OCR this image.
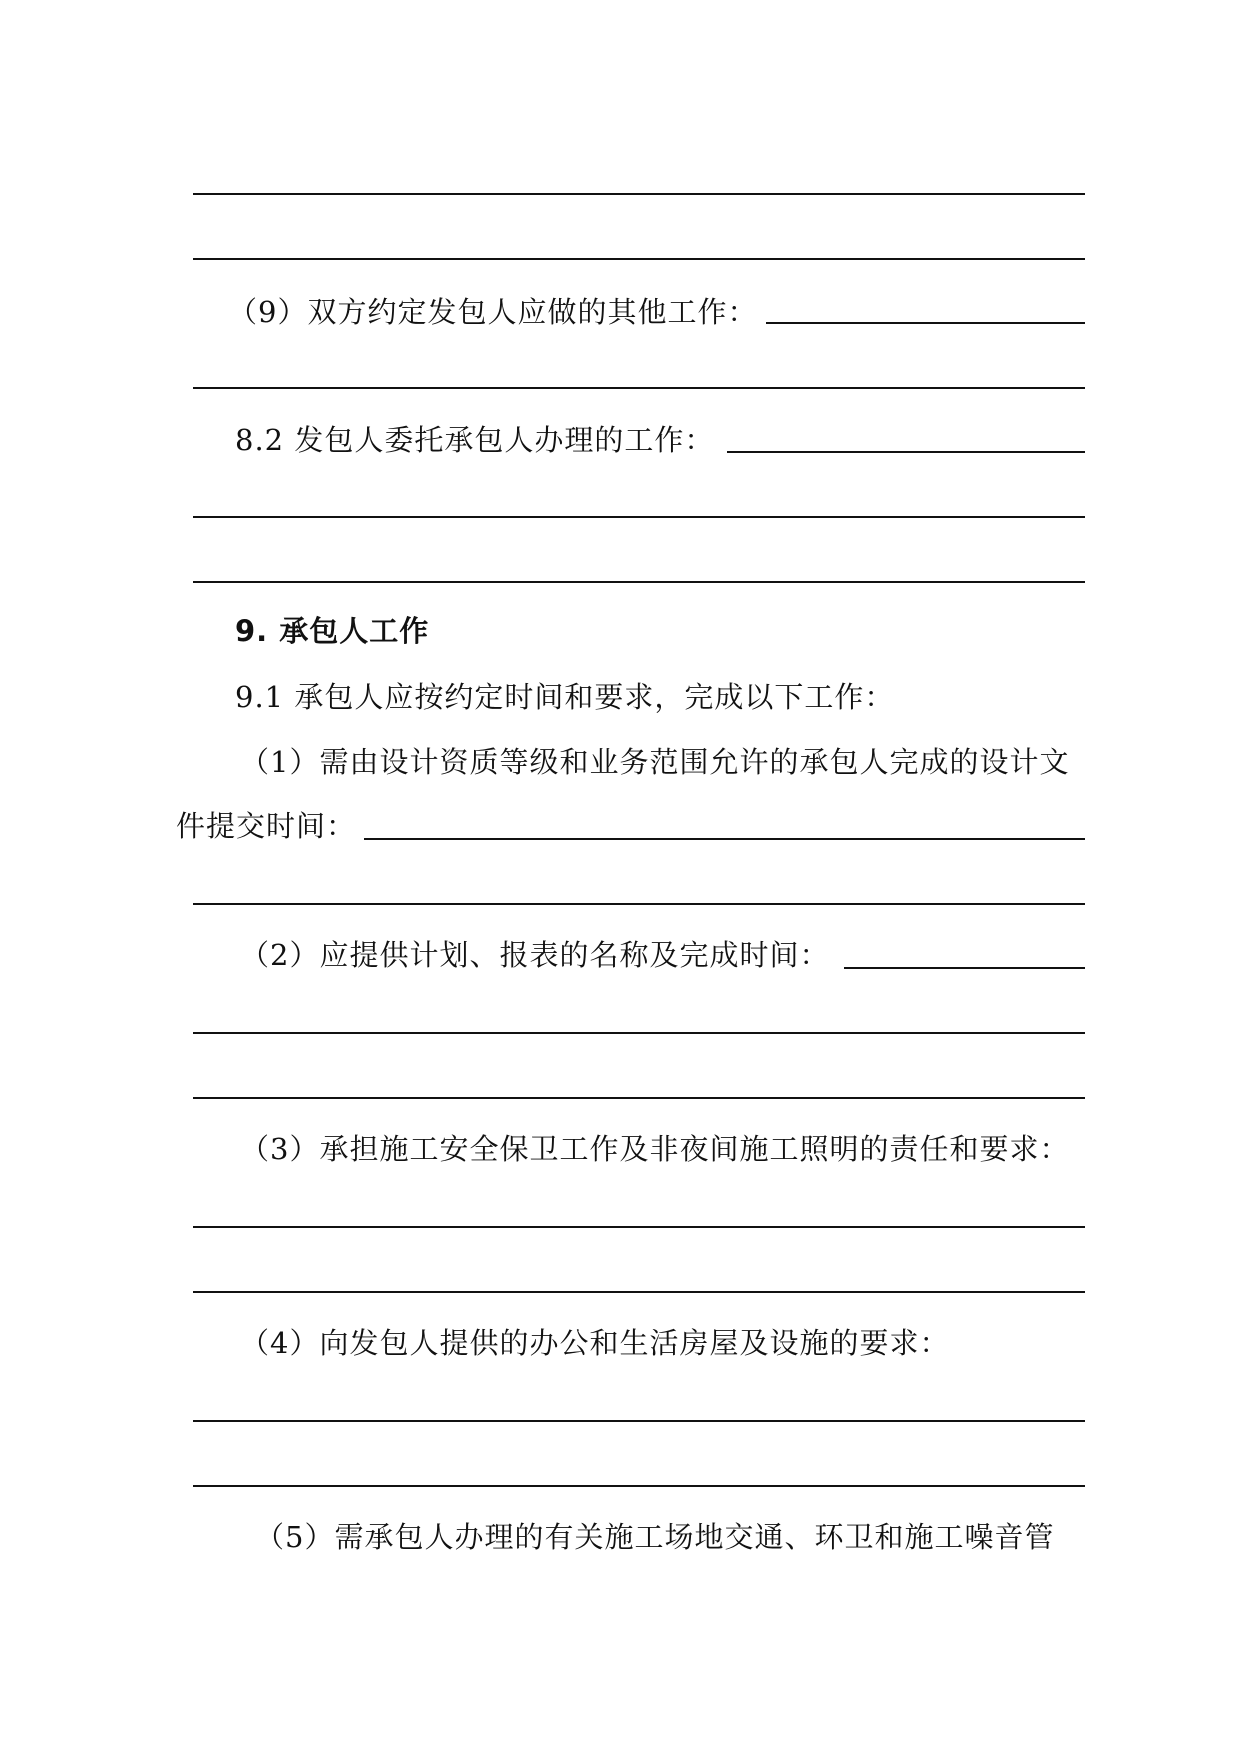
（9）双方约定发包人应做的其他工作：
8.2 发包人委托承包人办理的工作：
9. 承包人工作
9.1 承包人应按约定时间和要求，完成以下工作：
（1）需由设计资质等级和业务范围允许的承包人完成的设计文
件提交时间：
（2）应提供计划、报表的名称及完成时间：
（3）承担施工安全保卫工作及非夜间施工照明的责任和要求：
（4）向发包人提供的办公和生活房屋及设施的要求：
（5）需承包人办理的有关施工场地交通、环卫和施工噪音管
